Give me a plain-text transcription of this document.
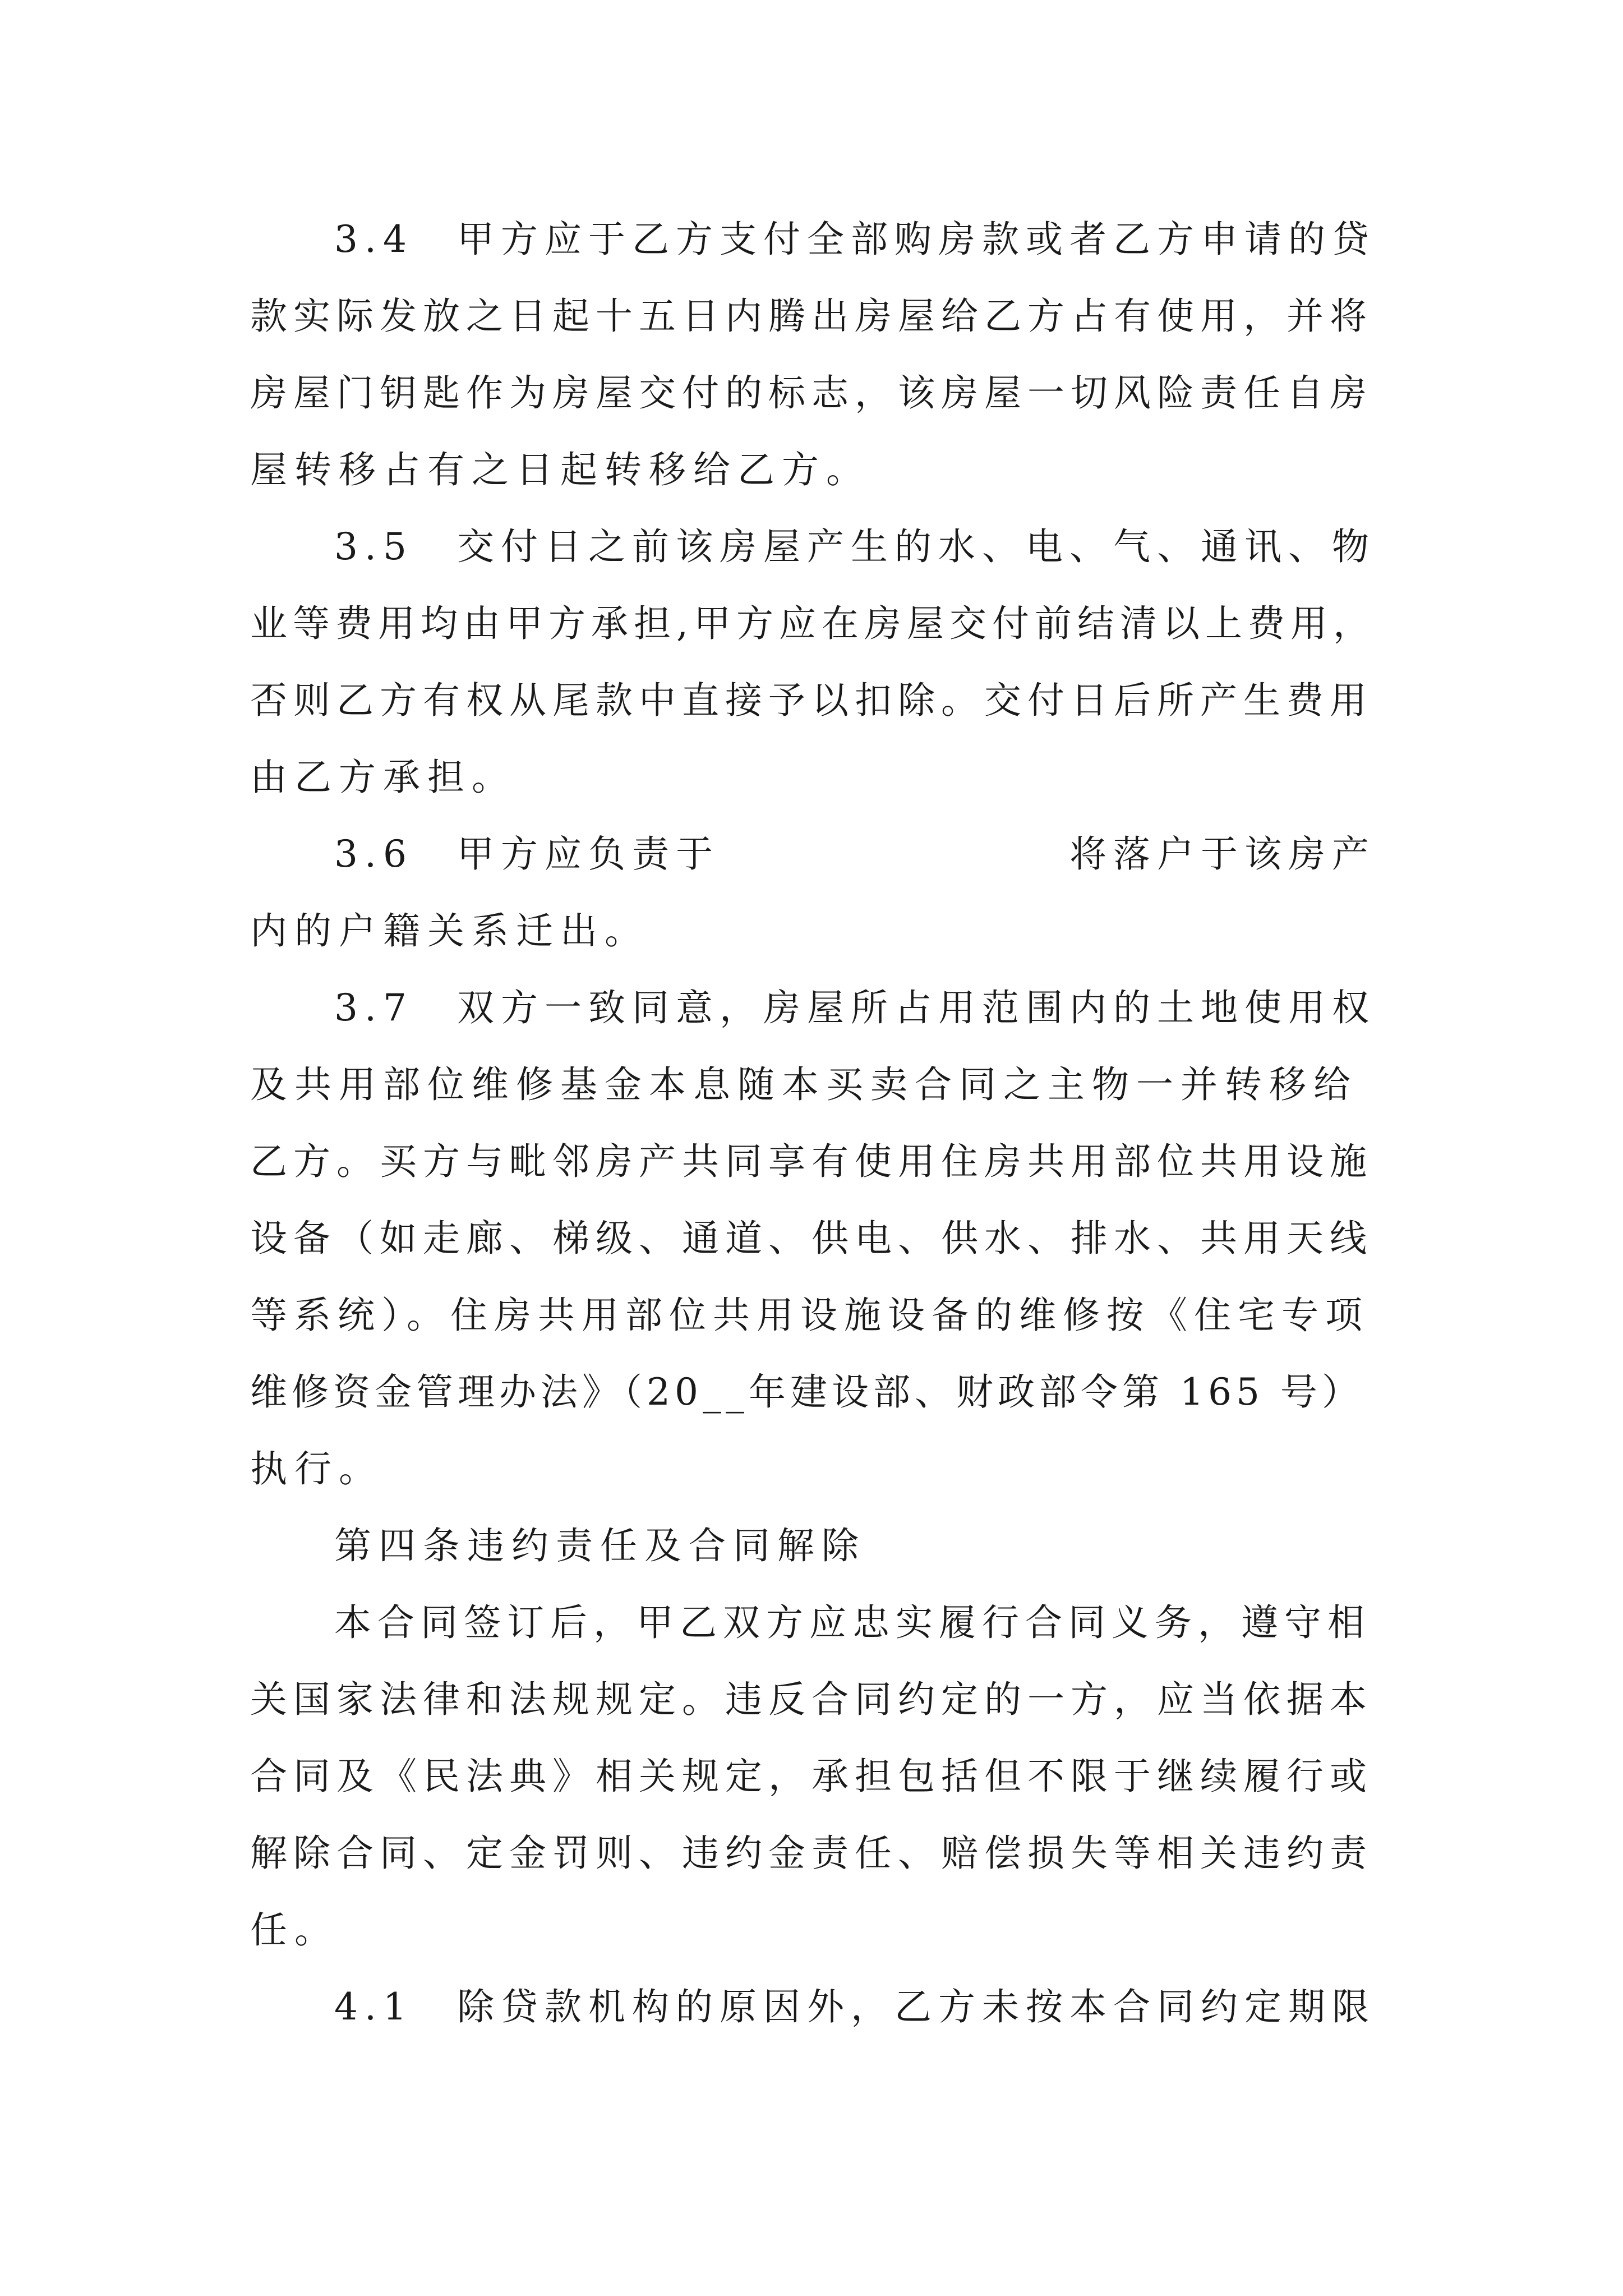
3.4　甲方应于乙方支付全部购房款或者乙方申请的贷
款实际发放之日起十五日内腾出房屋给乙方占有使用，并将
房屋门钥匙作为房屋交付的标志，该房屋一切风险责任自房
屋转移占有之日起转移给乙方。
3.5　交付日之前该房屋产生的水、电、气、通讯、物
业等费用均由甲方承担,甲方应在房屋交付前结清以上费用，
否则乙方有权从尾款中直接予以扣除。交付日后所产生费用
由乙方承担。
3.6　甲方应负责于　　　　　　　　将落户于该房产
内的户籍关系迁出。
3.7　双方一致同意，房屋所占用范围内的土地使用权
及共用部位维修基金本息随本买卖合同之主物一并转移给
乙方。买方与毗邻房产共同享有使用住房共用部位共用设施
设备（如走廊、梯级、通道、供电、供水、排水、共用天线
等系统）。住房共用部位共用设施设备的维修按《住宅专项
维修资金管理办法》（20__年建设部、财政部令第 165 号）
执行。
第四条违约责任及合同解除
本合同签订后，甲乙双方应忠实履行合同义务，遵守相
关国家法律和法规规定。违反合同约定的一方，应当依据本
合同及《民法典》相关规定，承担包括但不限于继续履行或
解除合同、定金罚则、违约金责任、赔偿损失等相关违约责
任。
4.1　除贷款机构的原因外，乙方未按本合同约定期限
